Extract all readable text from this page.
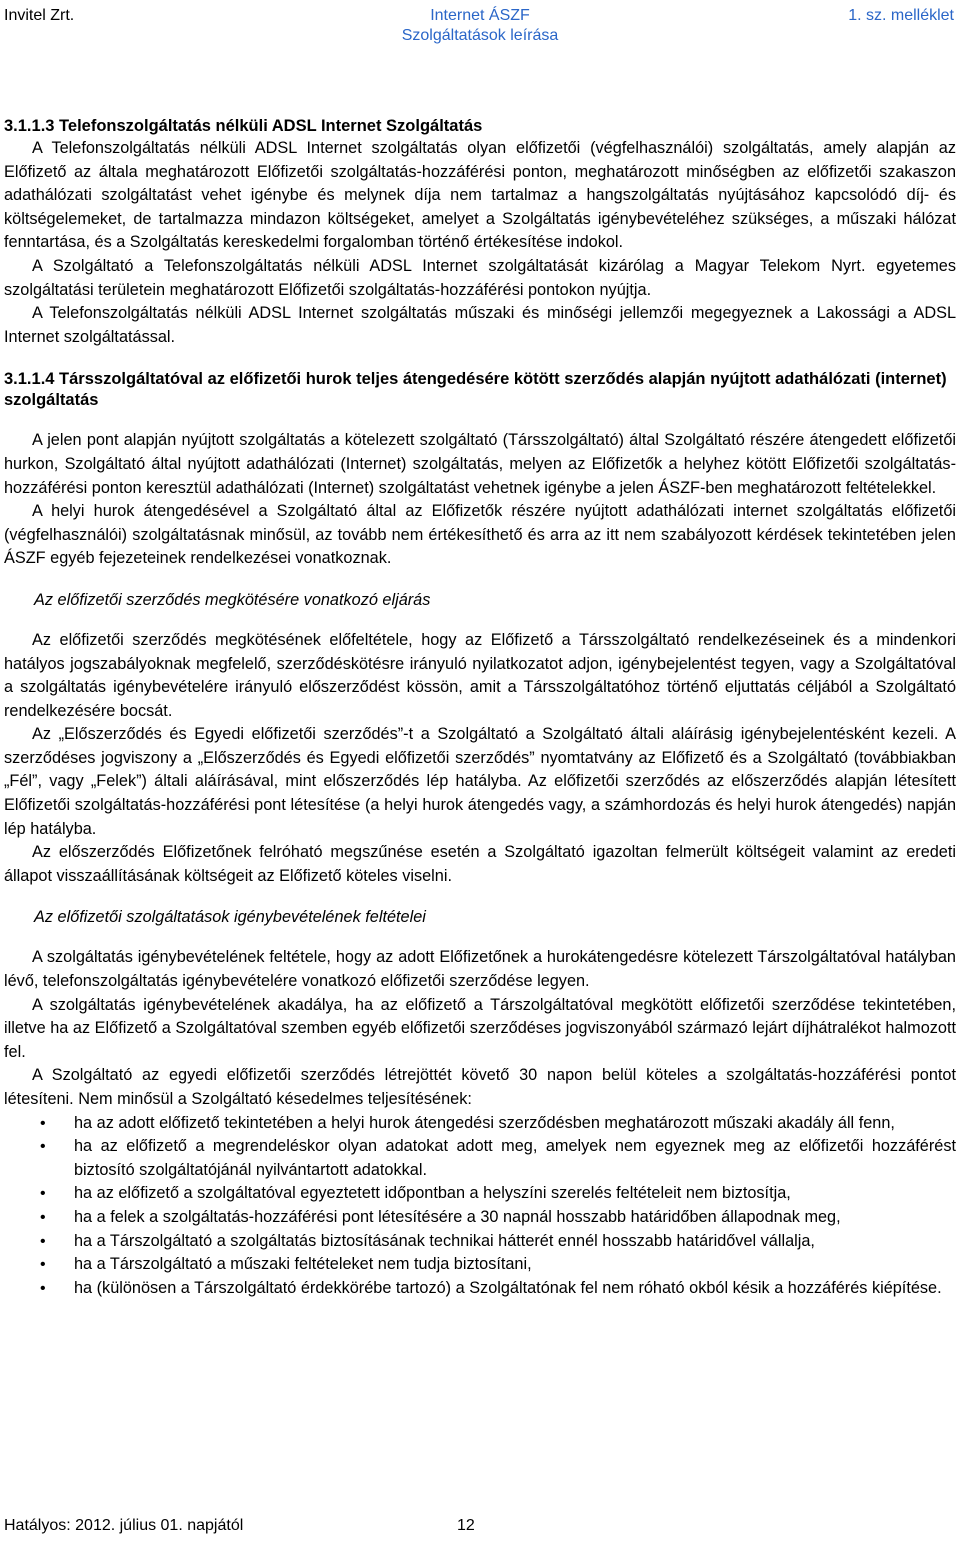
Invitel Zrt.	Internet ÁSZF
Szolgáltatások leírása
1. sz. melléklet
3.1.1.3 Telefonszolgáltatás nélküli ADSL Internet Szolgáltatás

A Telefonszolgáltatás nélküli ADSL Internet szolgáltatás olyan előfizetői (végfelhasználói) szolgáltatás, amely alapján az Előfizető az általa meghatározott Előfizetői szolgáltatás-hozzáférési ponton, meghatározott minőségben az előfizetői szakaszon adathálózati szolgáltatást vehet igénybe és melynek díja nem tartalmaz a hangszolgáltatás nyújtásához kapcsolódó díj- és költségelemeket, de tartalmazza mindazon költségeket, amelyet a Szolgáltatás igénybevételéhez szükséges, a műszaki hálózat fenntartása, és a Szolgáltatás kereskedelmi forgalomban történő értékesítése indokol.

A Szolgáltató a Telefonszolgáltatás nélküli ADSL Internet szolgáltatását kizárólag a Magyar Telekom Nyrt. egyetemes szolgáltatási területein meghatározott Előfizetői szolgáltatás-hozzáférési pontokon nyújtja.

A Telefonszolgáltatás nélküli ADSL Internet szolgáltatás műszaki és minőségi jellemzői megegyeznek a Lakossági a ADSL Internet szolgáltatással.

3.1.1.4 Társszolgáltatóval az előfizetői hurok teljes átengedésére kötött szerződés alapján nyújtott adathálózati (internet) szolgáltatás

A jelen pont alapján nyújtott szolgáltatás a kötelezett szolgáltató (Társszolgáltató) által Szolgáltató részére átengedett előfizetői hurkon, Szolgáltató által nyújtott adathálózati (Internet) szolgáltatás, melyen az Előfizetők a helyhez kötött Előfizetői szolgáltatás-hozzáférési ponton keresztül adathálózati (Internet) szolgáltatást vehetnek igénybe a jelen ÁSZF-ben meghatározott feltételekkel.

A helyi hurok átengedésével a Szolgáltató által az Előfizetők részére nyújtott adathálózati internet szolgáltatás előfizetői (végfelhasználói) szolgáltatásnak minősül, az tovább nem értékesíthető és arra az itt nem szabályozott kérdések tekintetében jelen ÁSZF egyéb fejezeteinek rendelkezései vonatkoznak.

Az előfizetői szerződés megkötésére vonatkozó eljárás

Az előfizetői szerződés megkötésének előfeltétele, hogy az Előfizető a Társszolgáltató rendelkezéseinek és a mindenkori hatályos jogszabályoknak megfelelő, szerződéskötésre irányuló nyilatkozatot adjon, igénybejelentést tegyen, vagy a Szolgáltatóval a szolgáltatás igénybevételére irányuló előszerződést kössön, amit a Társszolgáltatóhoz történő eljuttatás céljából a Szolgáltató rendelkezésére bocsát.

Az „Előszerződés és Egyedi előfizetői szerződés”-t a Szolgáltató a Szolgáltató általi aláírásig igénybejelentésként kezeli. A szerződéses jogviszony a „Előszerződés és Egyedi előfizetői szerződés” nyomtatvány az Előfizető és a Szolgáltató (továbbiakban „Fél”, vagy „Felek”) általi aláírásával, mint előszerződés lép hatályba. Az előfizetői szerződés az előszerződés alapján létesített Előfizetői szolgáltatás-hozzáférési pont létesítése (a helyi hurok átengedés vagy, a számhordozás és helyi hurok átengedés) napján lép hatályba.

Az előszerződés Előfizetőnek felróható megszűnése esetén a Szolgáltató igazoltan felmerült költségeit valamint az eredeti állapot visszaállításának költségeit az Előfizető köteles viselni.

Az előfizetői szolgáltatások igénybevételének feltételei

A szolgáltatás igénybevételének feltétele, hogy az adott Előfizetőnek a hurokátengedésre kötelezett Társzolgáltatóval hatályban lévő, telefonszolgáltatás igénybevételére vonatkozó előfizetői szerződése legyen.

A szolgáltatás igénybevételének akadálya, ha az előfizető a Társzolgáltatóval megkötött előfizetői szerződése tekintetében, illetve ha az Előfizető a Szolgáltatóval szemben egyéb előfizetői szerződéses jogviszonyából származó lejárt díjhátralékot halmozott fel.

A Szolgáltató az egyedi előfizetői szerződés létrejöttét követő 30 napon belül köteles a szolgáltatás-hozzáférési pontot létesíteni. Nem minősül a Szolgáltató késedelmes teljesítésének:

• ha az adott előfizető tekintetében a helyi hurok átengedési szerződésben meghatározott műszaki akadály áll fenn,
• ha az előfizető a megrendeléskor olyan adatokat adott meg, amelyek nem egyeznek meg az előfizetői hozzáférést biztosító szolgáltatójánál nyilvántartott adatokkal.
• ha az előfizető a szolgáltatóval egyeztetett időpontban a helyszíni szerelés feltételeit nem biztosítja,
• ha a felek a szolgáltatás-hozzáférési pont létesítésére a 30 napnál hosszabb határidőben állapodnak meg,
• ha a Társzolgáltató a szolgáltatás biztosításának technikai hátterét ennél hosszabb határidővel vállalja,
• ha a Társzolgáltató a műszaki feltételeket nem tudja biztosítani,
• ha (különösen a Társzolgáltató érdekkörébe tartozó) a Szolgáltatónak fel nem róható okból késik a hozzáférés kiépítése.
Hatályos: 2012. július 01. napjától	12
